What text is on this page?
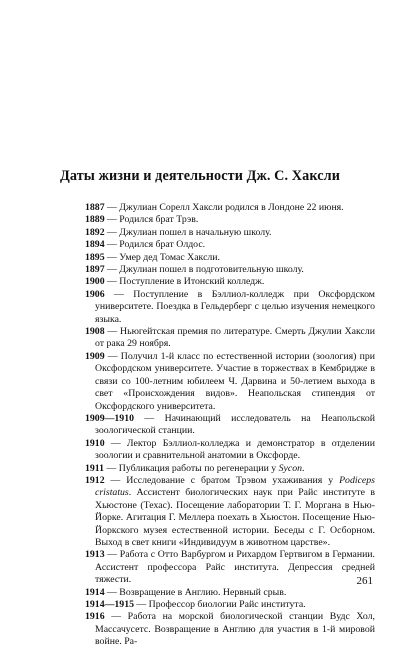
Даты жизни и деятельности Дж. С. Хаксли

1887 — Джулиан Сорелл Хаксли родился в Лондоне 22 июня.

1889 — Родился брат Трэв.

1892 — Джулиан пошел в начальную школу.

1894 — Родился брат Олдос.

1895 — Умер дед Томас Хаксли.

1897 — Джулиан пошел в подготовительную школу.

1900 — Поступление в Итонский колледж.

1906 — Поступление в Бэллиол-колледж при Оксфордском университете. Поездка в Гельдерберг с целью изучения немецкого языка.

1908 — Ньюгейтская премия по литературе. Смерть Джулии Хаксли от рака 29 ноября.

1909 — Получил 1-й класс по естественной истории (зоология) при Оксфордском университете. Участие в торжествах в Кембридже в связи со 100-летним юбилеем Ч. Дарвина и 50-летием выхода в свет «Происхождения видов». Неапольская стипендия от Оксфордского университета.

1909—1910 — Начинающий исследователь на Неапольской зоологической станции.

1910 — Лектор Бэллиол-колледжа и демонстратор в отделении зоологии и сравнительной анатомии в Оксфорде.

1911 — Публикация работы по регенерации у Sycon.

1912 — Исследование с братом Трэвом ухаживания у Podiceps cristatus. Ассистент биологических наук при Райс институте в Хьюстоне (Техас). Посещение лаборатории Т. Г. Моргана в Нью-Йорке. Агитация Г. Меллера поехать в Хьюстон. Посещение Нью-Йоркского музея естественной истории. Беседы с Г. Осборном. Выход в свет книги «Индивидуум в животном царстве».

1913 — Работа с Отто Варбургом и Рихардом Гертвигом в Германии. Ассистент профессора Райс института. Депрессия средней тяжести.

1914 — Возвращение в Англию. Нервный срыв.

1914—1915 — Профессор биологии Райс института.

1916 — Работа на морской биологической станции Вудс Хол, Массачусетс. Возвращение в Англию для участия в 1-й мировой войне. Ра-

261
